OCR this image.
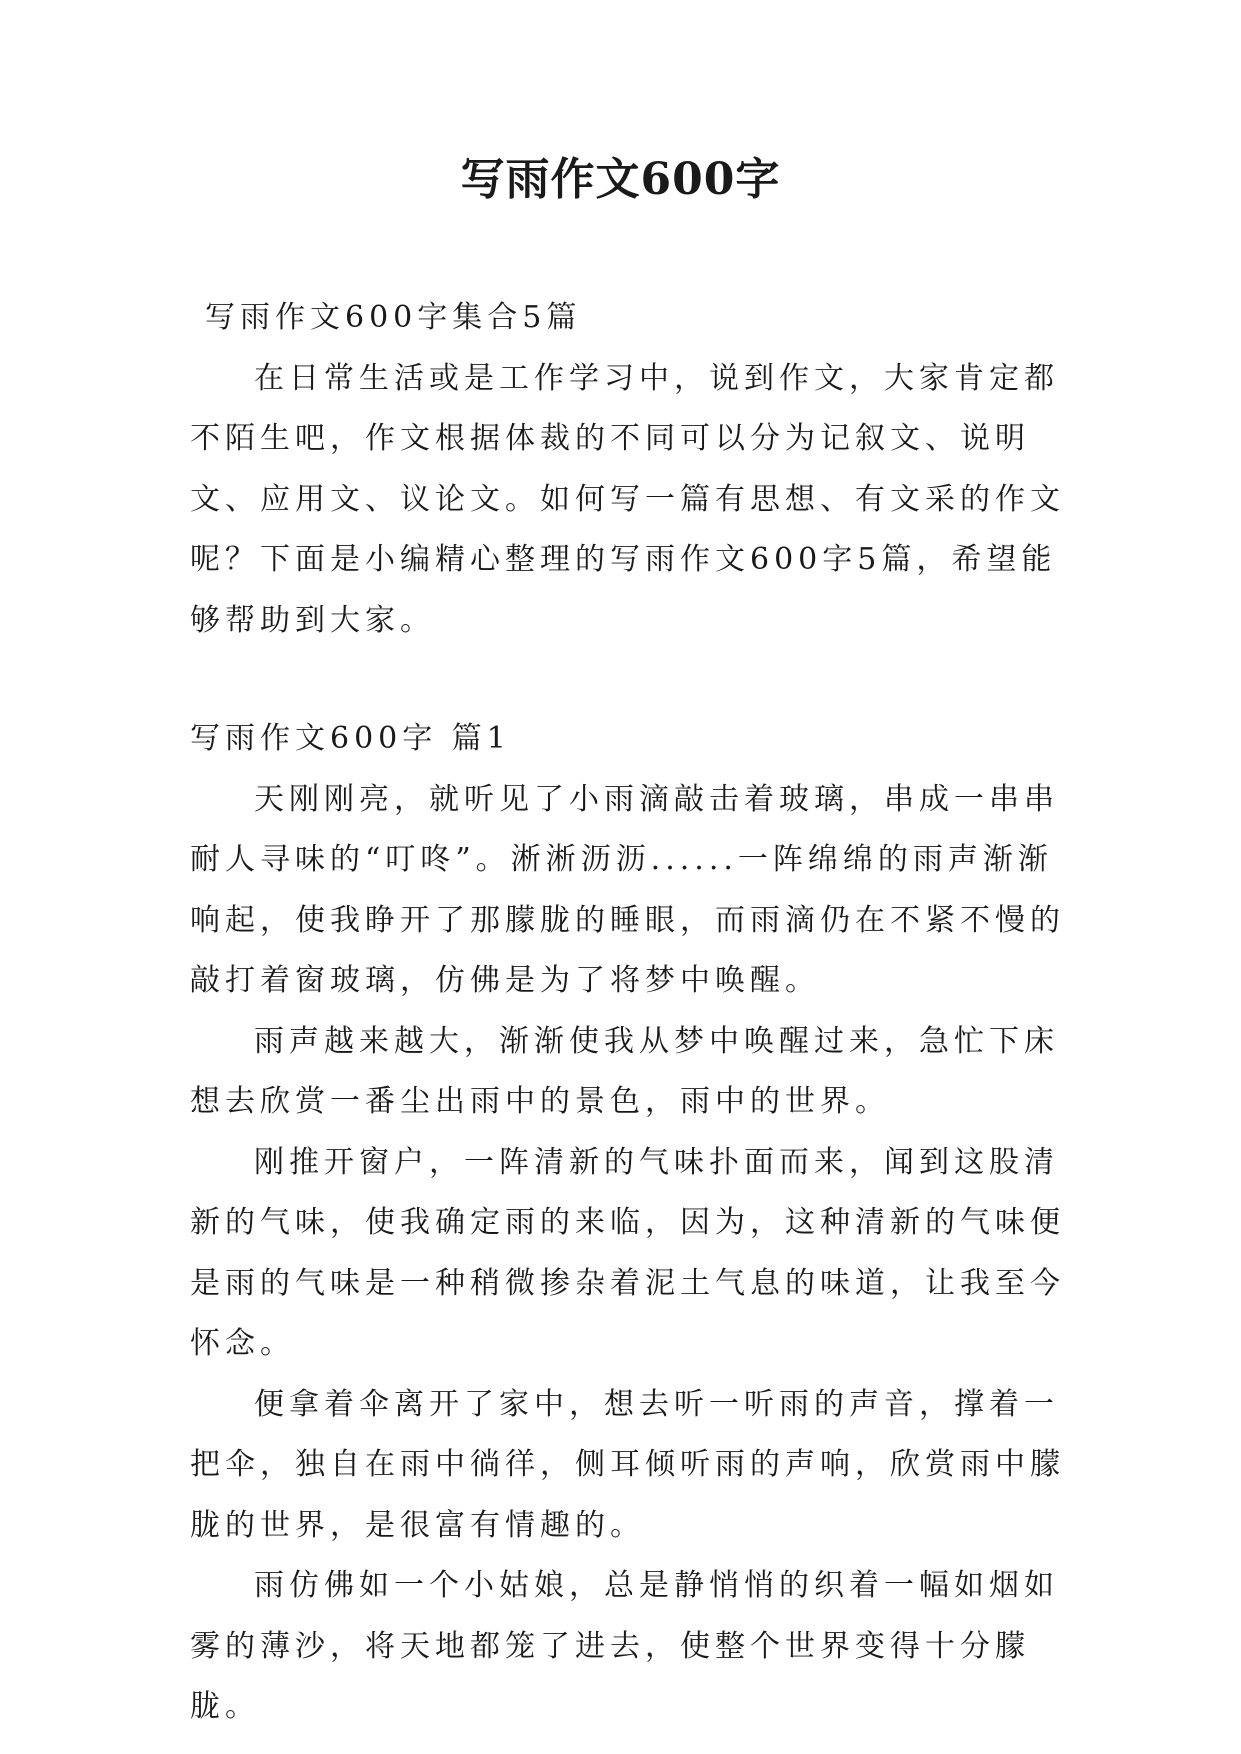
写雨作文600字

写雨作文600字集合5篇

在日常生活或是工作学习中，说到作文，大家肯定都不陌生吧，作文根据体裁的不同可以分为记叙文、说明文、应用文、议论文。如何写一篇有思想、有文采的作文呢？下面是小编精心整理的写雨作文600字5篇，希望能够帮助到大家。

写雨作文600字 篇1

天刚刚亮，就听见了小雨滴敲击着玻璃，串成一串串耐人寻味的“叮咚”。淅淅沥沥......一阵绵绵的雨声渐渐响起，使我睁开了那朦胧的睡眼，而雨滴仍在不紧不慢的敲打着窗玻璃，仿佛是为了将梦中唤醒。

雨声越来越大，渐渐使我从梦中唤醒过来，急忙下床想去欣赏一番尘出雨中的景色，雨中的世界。

刚推开窗户，一阵清新的气味扑面而来，闻到这股清新的气味，使我确定雨的来临，因为，这种清新的气味便是雨的气味是一种稍微掺杂着泥土气息的味道，让我至今怀念。

便拿着伞离开了家中，想去听一听雨的声音，撑着一把伞，独自在雨中徜徉，侧耳倾听雨的声响，欣赏雨中朦胧的世界，是很富有情趣的。

雨仿佛如一个小姑娘，总是静悄悄的织着一幅如烟如雾的薄沙，将天地都笼了进去，使整个世界变得十分朦胧。
